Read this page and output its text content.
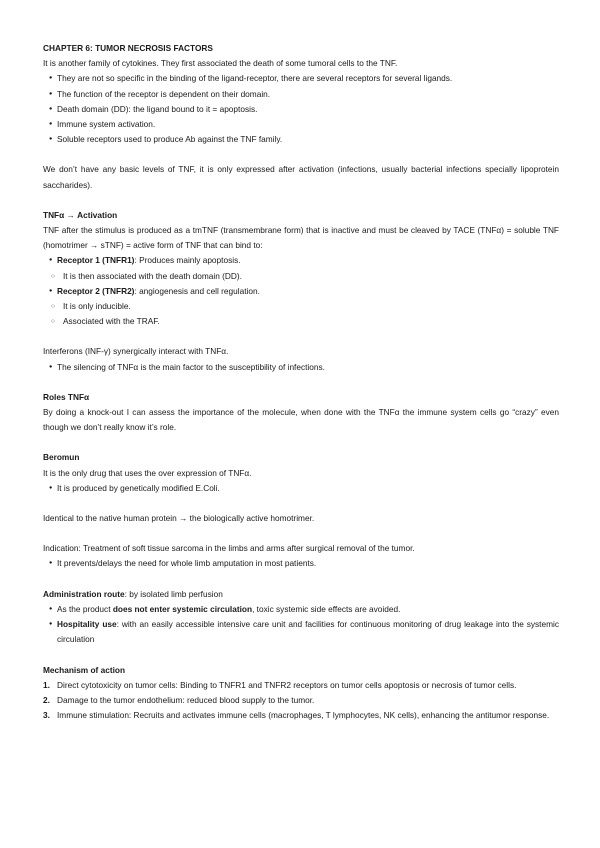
CHAPTER 6: TUMOR NECROSIS FACTORS

It is another family of cytokines. They first associated the death of some tumoral cells to the TNF.

● They are not so specific in the binding of the ligand-receptor, there are several receptors for several ligands.
● The function of the receptor is dependent on their domain.
● Death domain (DD): the ligand bound to it = apoptosis.
● Immune system activation.
● Soluble receptors used to produce Ab against the TNF family.

We don’t have any basic levels of TNF, it is only expressed after activation (infections, usually bacterial infections specially lipoprotein saccharides).

TNFα → Activation

TNF after the stimulus is produced as a tmTNF (transmembrane form) that is inactive and must be cleaved by TACE (TNFα) = soluble TNF (homotrimer → sTNF) = active form of TNF that can bind to:

● Receptor 1 (TNFR1): Produces mainly apoptosis.
○ It is then associated with the death domain (DD).
● Receptor 2 (TNFR2): angiogenesis and cell regulation.
○ It is only inducible.
○ Associated with the TRAF.

Interferons (INF-γ) synergically interact with TNFα.

● The silencing of TNFα is the main factor to the susceptibility of infections.

Roles TNFα

By doing a knock-out I can assess the importance of the molecule, when done with the TNFα the immune system cells go “crazy” even though we don’t really know it’s role.

Beromun

It is the only drug that uses the over expression of TNFα.

● It is produced by genetically modified E.Coli.

Identical to the native human protein → the biologically active homotrimer.

Indication: Treatment of soft tissue sarcoma in the limbs and arms after surgical removal of the tumor.

● It prevents/delays the need for whole limb amputation in most patients.

Administration route: by isolated limb perfusion

● As the product does not enter systemic circulation, toxic systemic side effects are avoided.
● Hospitality use: with an easily accessible intensive care unit and facilities for continuous monitoring of drug leakage into the systemic circulation

Mechanism of action

1. Direct cytotoxicity on tumor cells: Binding to TNFR1 and TNFR2 receptors on tumor cells apoptosis or necrosis of tumor cells.
2. Damage to the tumor endothelium: reduced blood supply to the tumor.
3. Immune stimulation: Recruits and activates immune cells (macrophages, T lymphocytes, NK cells), enhancing the antitumor response.
